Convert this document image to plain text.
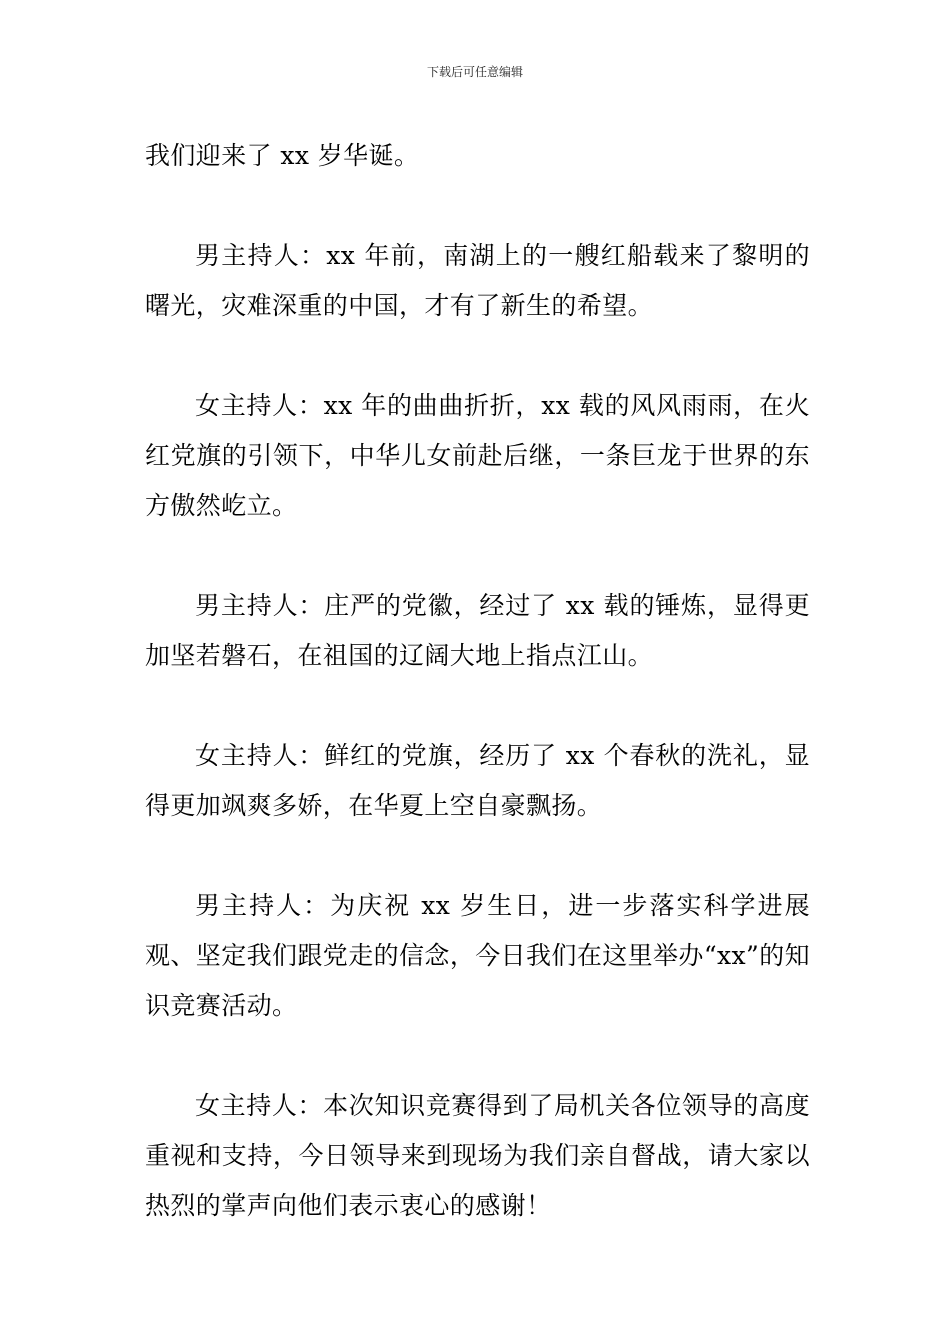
下载后可任意编辑

我们迎来了 xx 岁华诞。

男主持人：xx 年前，南湖上的一艘红船载来了黎明的曙光，灾难深重的中国，才有了新生的希望。

女主持人：xx 年的曲曲折折，xx 载的风风雨雨，在火红党旗的引领下，中华儿女前赴后继，一条巨龙于世界的东方傲然屹立。

男主持人：庄严的党徽，经过了 xx 载的锤炼，显得更加坚若磐石，在祖国的辽阔大地上指点江山。

女主持人：鲜红的党旗，经历了 xx 个春秋的洗礼，显得更加飒爽多娇，在华夏上空自豪飘扬。

男主持人：为庆祝 xx 岁生日，进一步落实科学进展观、坚定我们跟党走的信念，今日我们在这里举办“xx”的知识竞赛活动。

女主持人：本次知识竞赛得到了局机关各位领导的高度重视和支持，今日领导来到现场为我们亲自督战，请大家以热烈的掌声向他们表示衷心的感谢！
